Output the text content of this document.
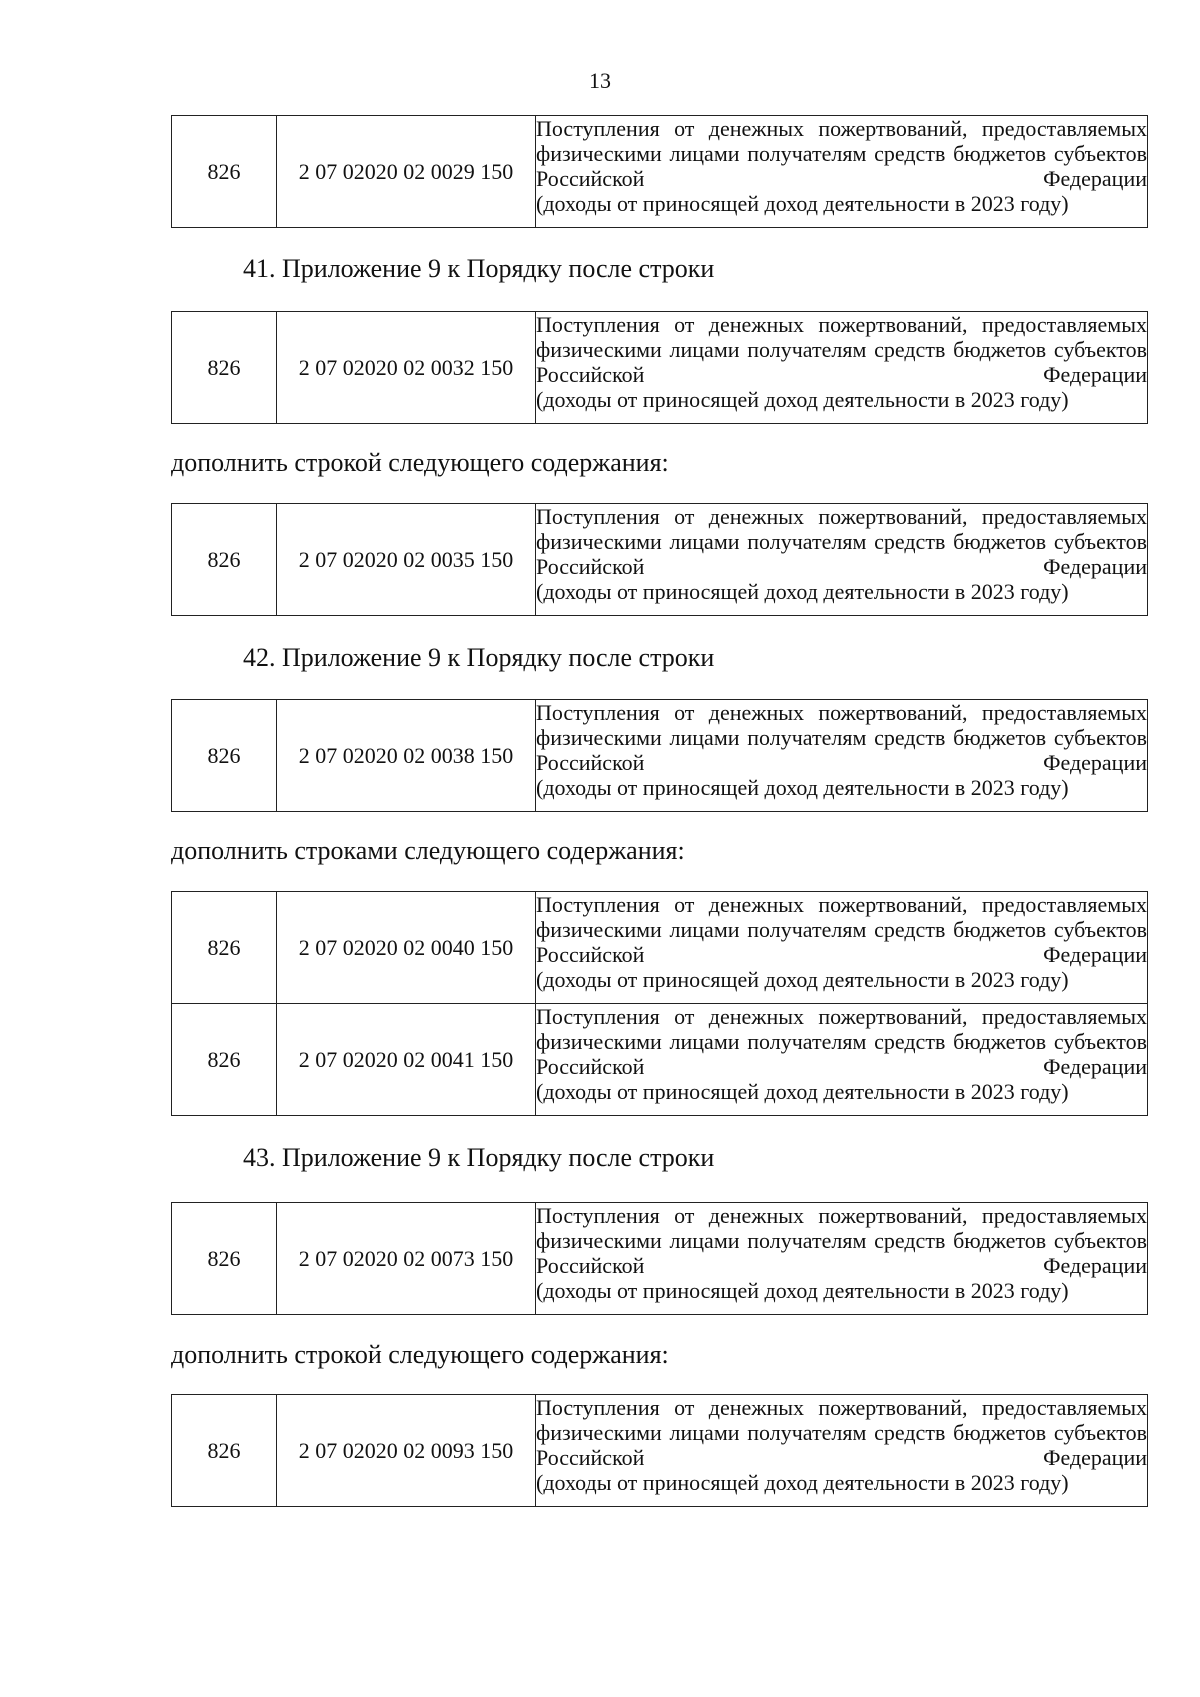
13
826	2 07 02020 02 0029 150	Поступления от денежных пожертвований, предоставляемых физическими лицами получателям средств бюджетов субъектов Российской Федерации
(доходы от приносящей доход деятельности в 2023 году)
41. Приложение 9 к Порядку после строки
826	2 07 02020 02 0032 150	Поступления от денежных пожертвований, предоставляемых физическими лицами получателям средств бюджетов субъектов Российской Федерации
(доходы от приносящей доход деятельности в 2023 году)
дополнить строкой следующего содержания:
826	2 07 02020 02 0035 150	Поступления от денежных пожертвований, предоставляемых физическими лицами получателям средств бюджетов субъектов Российской Федерации
(доходы от приносящей доход деятельности в 2023 году)
42. Приложение 9 к Порядку после строки
826	2 07 02020 02 0038 150	Поступления от денежных пожертвований, предоставляемых физическими лицами получателям средств бюджетов субъектов Российской Федерации
(доходы от приносящей доход деятельности в 2023 году)
дополнить строками следующего содержания:
826	2 07 02020 02 0040 150	Поступления от денежных пожертвований, предоставляемых физическими лицами получателям средств бюджетов субъектов Российской Федерации
(доходы от приносящей доход деятельности в 2023 году)

826	2 07 02020 02 0041 150	Поступления от денежных пожертвований, предоставляемых физическими лицами получателям средств бюджетов субъектов Российской Федерации
(доходы от приносящей доход деятельности в 2023 году)
43. Приложение 9 к Порядку после строки
826	2 07 02020 02 0073 150	Поступления от денежных пожертвований, предоставляемых физическими лицами получателям средств бюджетов субъектов Российской Федерации
(доходы от приносящей доход деятельности в 2023 году)
дополнить строкой следующего содержания:
826	2 07 02020 02 0093 150	Поступления от денежных пожертвований, предоставляемых физическими лицами получателям средств бюджетов субъектов Российской Федерации
(доходы от приносящей доход деятельности в 2023 году)
